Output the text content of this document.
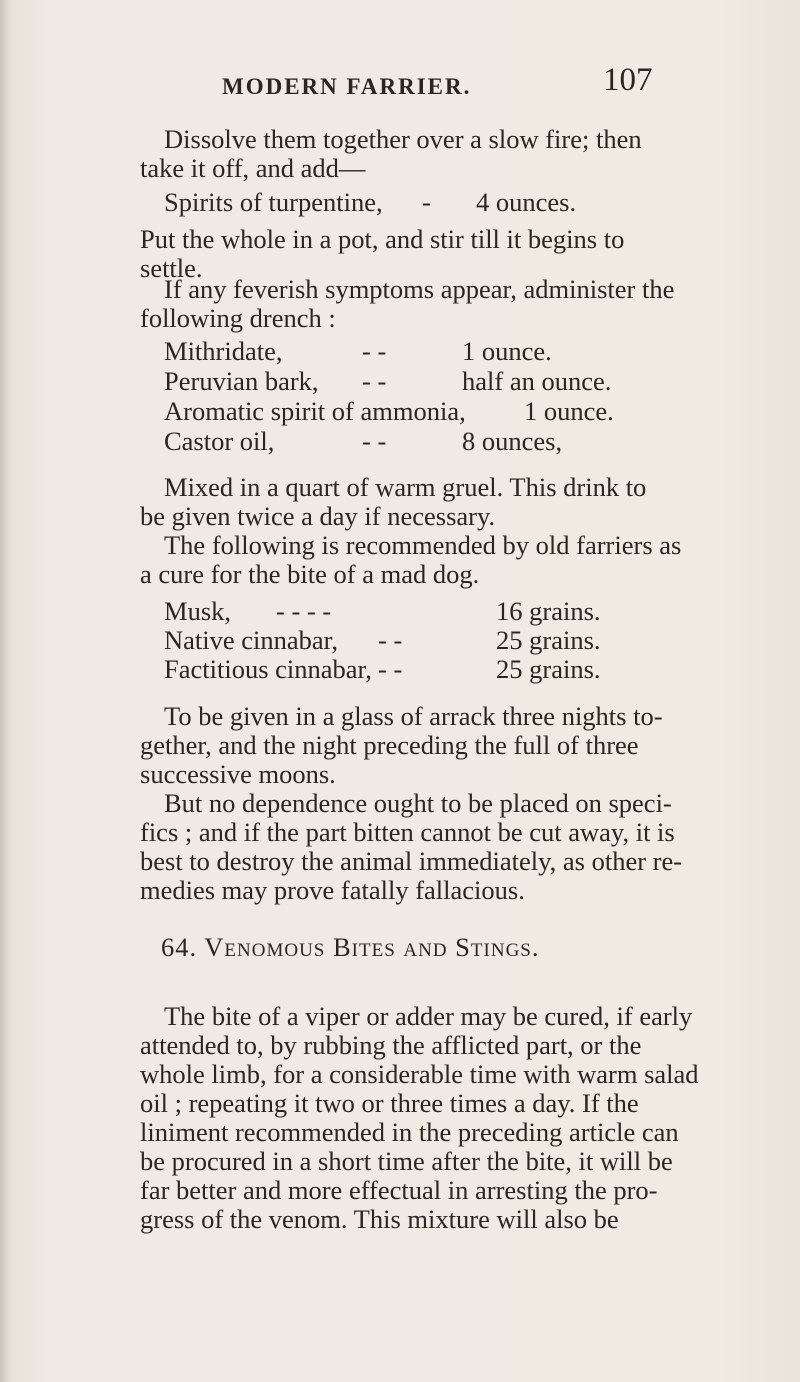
MODERN FARRIER.	107
Dissolve them together over a slow fire; then
take it off, and add—
Spirits of turpentine, - 4 ounces.
Put the whole in a pot, and stir till it begins to
settle.
If any feverish symptoms appear, administer the
following drench :
Mithridate,	- -	1 ounce.
Peruvian bark, - -	half an ounce.
Aromatic spirit of ammonia, 1 ounce.
Castor oil,	- -	8 ounces,
Mixed in a quart of warm gruel. This drink to
be given twice a day if necessary.
The following is recommended by old farriers as
a cure for the bite of a mad dog.
Musk, - - - -	16 grains.
Native cinnabar, - -	25 grains.
Factitious cinnabar, - -	25 grains.
To be given in a glass of arrack three nights to-
gether, and the night preceding the full of three
successive moons.
But no dependence ought to be placed on speci-
fics ; and if the part bitten cannot be cut away, it is
best to destroy the animal immediately, as other re-
medies may prove fatally fallacious.
64. Venomous Bites and Stings.
The bite of a viper or adder may be cured, if early
attended to, by rubbing the afflicted part, or the
whole limb, for a considerable time with warm salad
oil ; repeating it two or three times a day. If the
liniment recommended in the preceding article can
be procured in a short time after the bite, it will be
far better and more effectual in arresting the pro-
gress of the venom. This mixture will also be
